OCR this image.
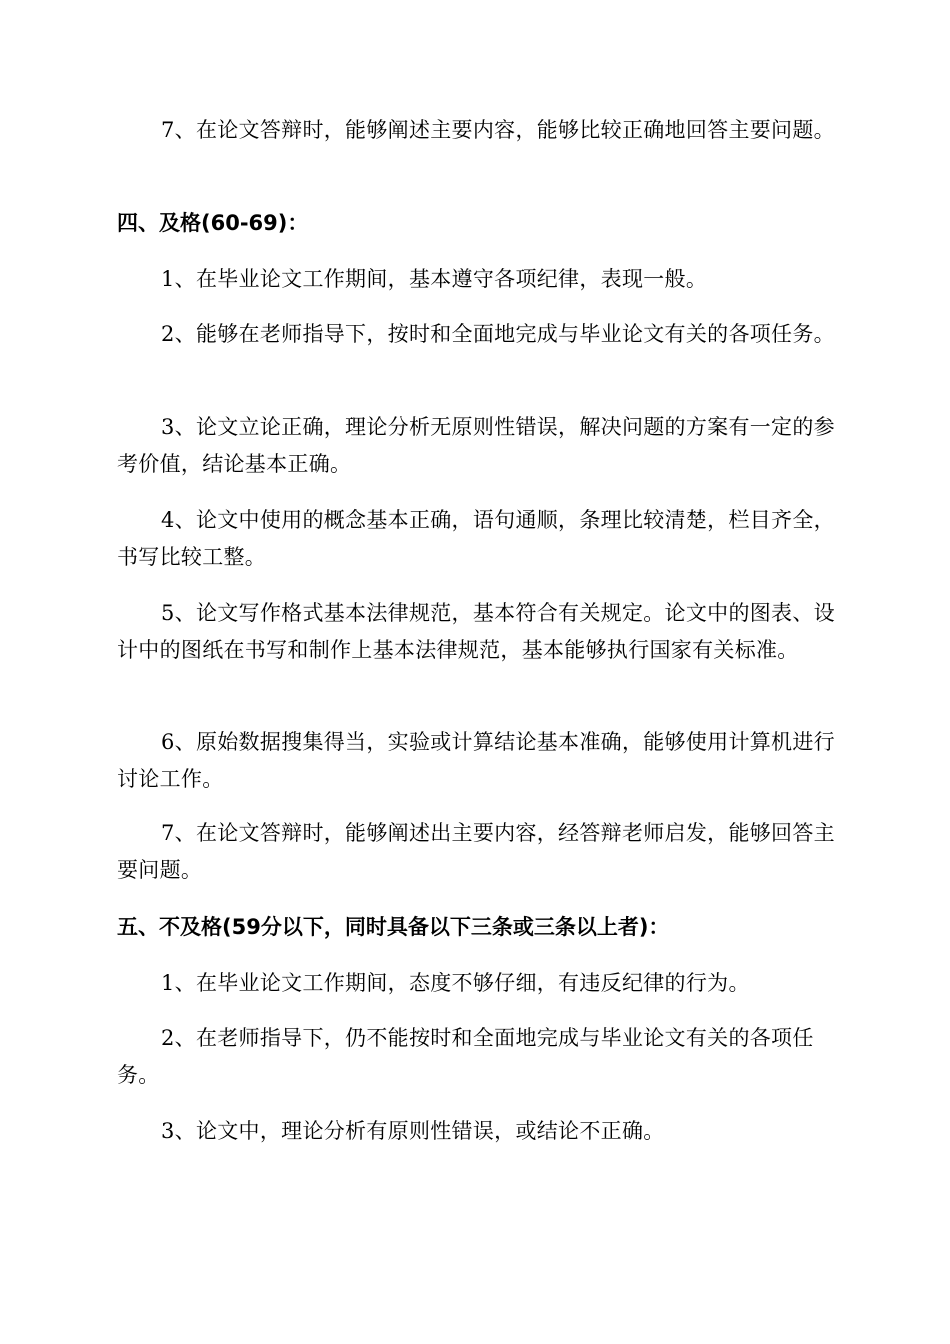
7、在论文答辩时，能够阐述主要内容，能够比较正确地回答主要问题。

四、及格(60-69)：

1、在毕业论文工作期间，基本遵守各项纪律，表现一般。

2、能够在老师指导下，按时和全面地完成与毕业论文有关的各项任务。

3、论文立论正确，理论分析无原则性错误，解决问题的方案有一定的参考价值，结论基本正确。

4、论文中使用的概念基本正确，语句通顺，条理比较清楚，栏目齐全，书写比较工整。

5、论文写作格式基本法律规范，基本符合有关规定。论文中的图表、设计中的图纸在书写和制作上基本法律规范，基本能够执行国家有关标准。

6、原始数据搜集得当，实验或计算结论基本准确，能够使用计算机进行讨论工作。

7、在论文答辩时，能够阐述出主要内容，经答辩老师启发，能够回答主要问题。

五、不及格(59分以下，同时具备以下三条或三条以上者)：

1、在毕业论文工作期间，态度不够仔细，有违反纪律的行为。

2、在老师指导下，仍不能按时和全面地完成与毕业论文有关的各项任务。

3、论文中，理论分析有原则性错误，或结论不正确。
